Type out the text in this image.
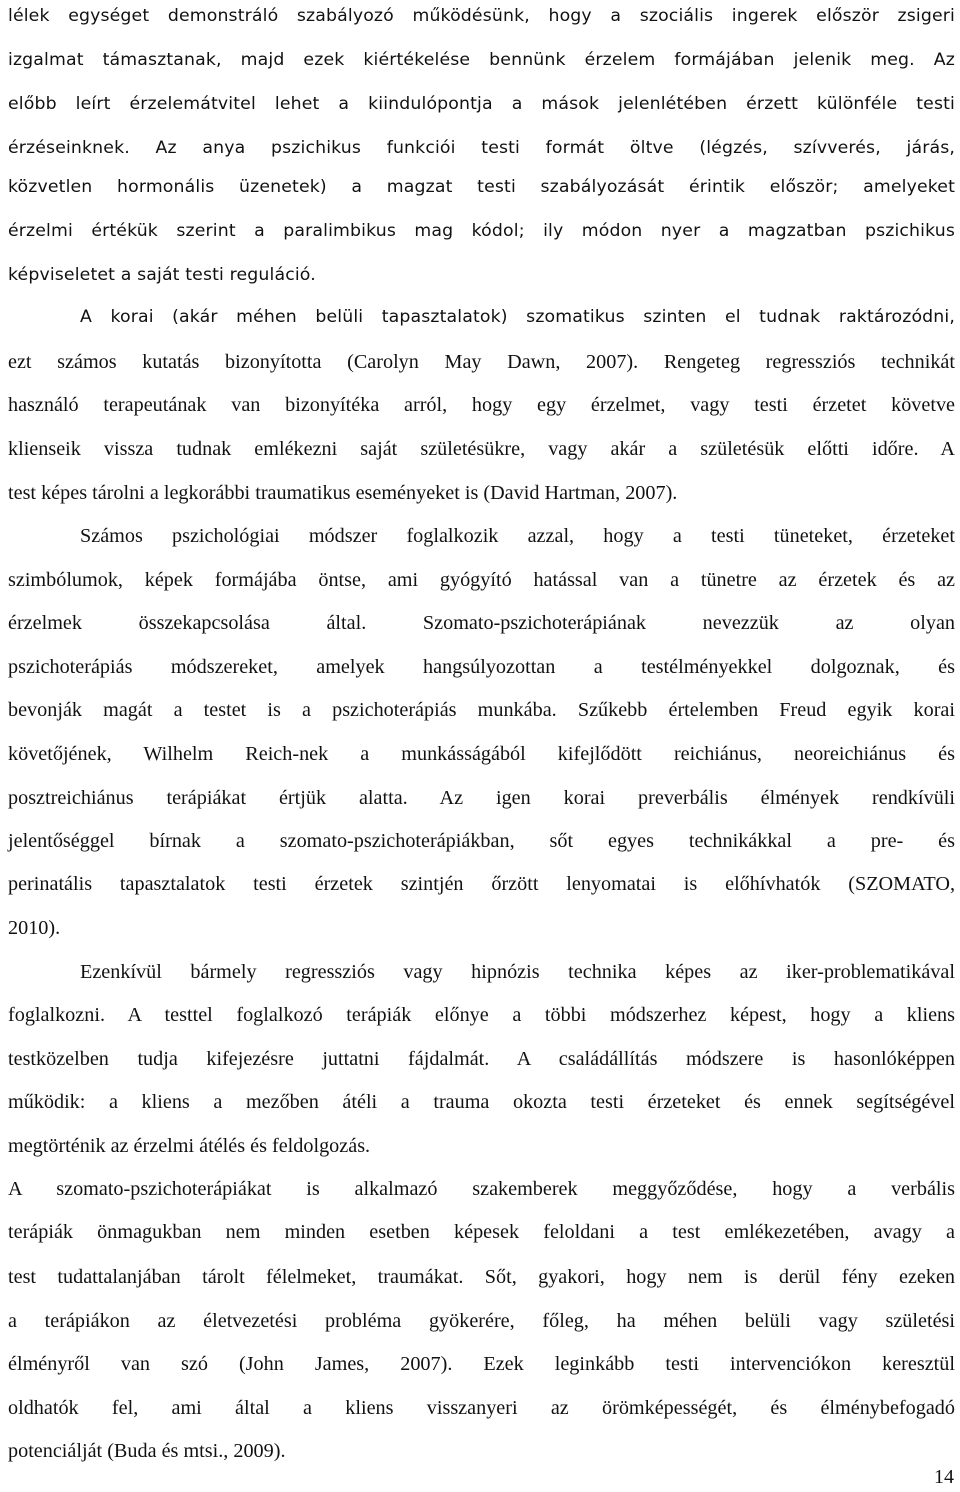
lélek egységet demonstráló szabályozó működésünk, hogy a szociális ingerek először zsigeri
izgalmat támasztanak, majd ezek kiértékelése bennünk érzelem formájában jelenik meg. Az
előbb leírt érzelemátvitel lehet a kiindulópontja a mások jelenlétében érzett különféle testi
érzéseinknek. Az anya pszichikus funkciói testi formát öltve (légzés, szívverés, járás,
közvetlen hormonális üzenetek) a magzat testi szabályozását érintik először; amelyeket
érzelmi értékük szerint a paralimbikus mag kódol; ily módon nyer a magzatban pszichikus
képviseletet a saját testi reguláció.
A korai (akár méhen belüli tapasztalatok) szomatikus szinten el tudnak raktározódni,
ezt számos kutatás bizonyította (Carolyn May Dawn, 2007). Rengeteg regressziós technikát
használó terapeutának van bizonyítéka arról, hogy egy érzelmet, vagy testi érzetet követve
klienseik vissza tudnak emlékezni saját születésükre, vagy akár a születésük előtti időre. A
test képes tárolni a legkorábbi traumatikus eseményeket is (David Hartman, 2007).
Számos pszichológiai módszer foglalkozik azzal, hogy a testi tüneteket, érzeteket
szimbólumok, képek formájába öntse, ami gyógyító hatással van a tünetre az érzetek és az
érzelmek összekapcsolása által. Szomato-pszichoterápiának nevezzük az olyan
pszichoterápiás módszereket, amelyek hangsúlyozottan a testélményekkel dolgoznak, és
bevonják magát a testet is a pszichoterápiás munkába. Szűkebb értelemben Freud egyik korai
követőjének, Wilhelm Reich-nek a munkásságából kifejlődött reichiánus, neoreichiánus és
posztreichiánus terápiákat értjük alatta. Az igen korai preverbális élmények rendkívüli
jelentőséggel bírnak a szomato-pszichoterápiákban, sőt egyes technikákkal a pre- és
perinatális tapasztalatok testi érzetek szintjén őrzött lenyomatai is előhívhatók (SZOMATO,
2010).
Ezenkívül bármely regressziós vagy hipnózis technika képes az iker-problematikával
foglalkozni. A testtel foglalkozó terápiák előnye a többi módszerhez képest, hogy a kliens
testközelben tudja kifejezésre juttatni fájdalmát. A családállítás módszere is hasonlóképpen
működik: a kliens a mezőben átéli a trauma okozta testi érzeteket és ennek segítségével
megtörténik az érzelmi átélés és feldolgozás.
A szomato-pszichoterápiákat is alkalmazó szakemberek meggyőződése, hogy a verbális
terápiák önmagukban nem minden esetben képesek feloldani a test emlékezetében, avagy a
test tudattalanjában tárolt félelmeket, traumákat. Sőt, gyakori, hogy nem is derül fény ezeken
a terápiákon az életvezetési probléma gyökerére, főleg, ha méhen belüli vagy születési
élményről van szó (John James, 2007). Ezek leginkább testi intervenciókon keresztül
oldhatók fel, ami által a kliens visszanyeri az örömképességét, és élménybefogadó
potenciálját (Buda és mtsi., 2009).
14
